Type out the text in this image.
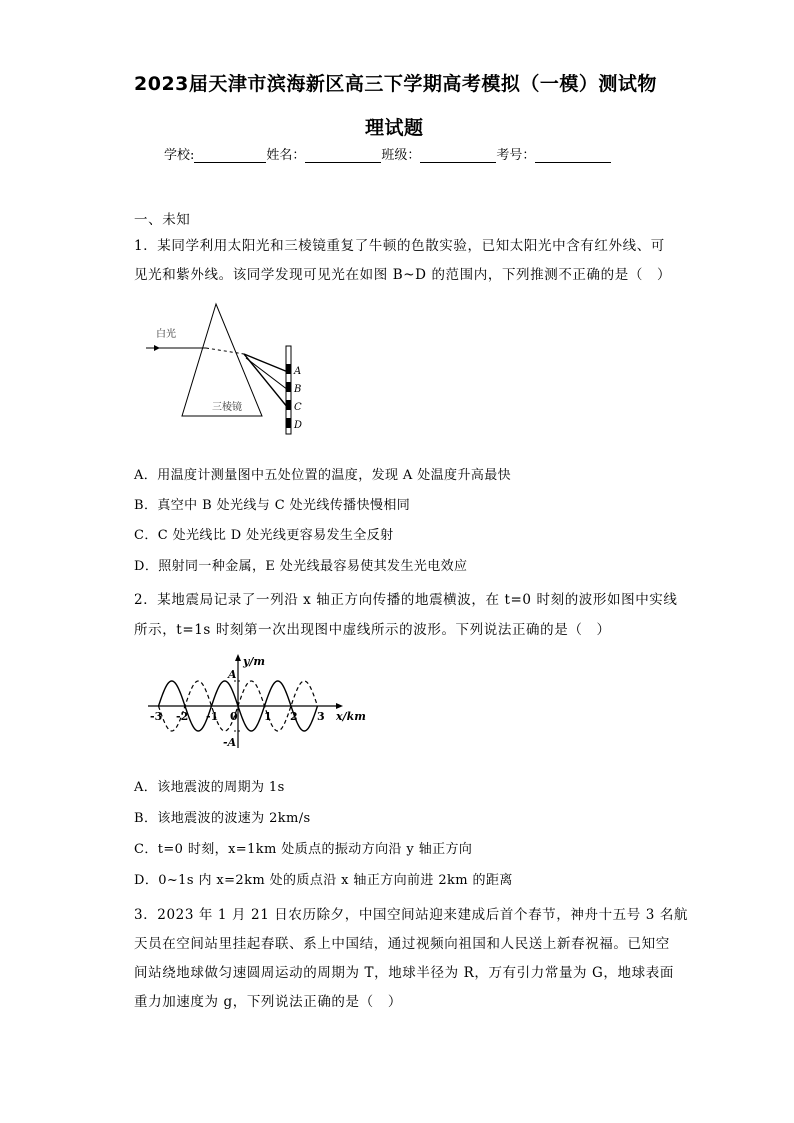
2023届天津市滨海新区高三下学期高考模拟（一模）测试物
理试题
学校:	姓名：	班级：	考号：
一、未知
1．某同学利用太阳光和三棱镜重复了牛顿的色散实验，已知太阳光中含有红外线、可
见光和紫外线。该同学发现可见光在如图 B~D 的范围内，下列推测不正确的是（　）
白光
三棱镜
A
B
C
D
A．用温度计测量图中五处位置的温度，发现 A 处温度升高最快
B．真空中 B 处光线与 C 处光线传播快慢相同
C．C 处光线比 D 处光线更容易发生全反射
D．照射同一种金属，E 处光线最容易使其发生光电效应
2．某地震局记录了一列沿 x 轴正方向传播的地震横波，在 t=0 时刻的波形如图中实线
所示，t=1s 时刻第一次出现图中虚线所示的波形。下列说法正确的是（　）
x/km
y/m
A
-A
-3 -2 -1 0 1 2 3
A．该地震波的周期为 1s
B．该地震波的波速为 2km/s
C．t=0 时刻，x=1km 处质点的振动方向沿 y 轴正方向
D．0~1s 内 x=2km 处的质点沿 x 轴正方向前进 2km 的距离
3．2023 年 1 月 21 日农历除夕，中国空间站迎来建成后首个春节，神舟十五号 3 名航
天员在空间站里挂起春联、系上中国结，通过视频向祖国和人民送上新春祝福。已知空
间站绕地球做匀速圆周运动的周期为 T，地球半径为 R，万有引力常量为 G，地球表面
重力加速度为 g，下列说法正确的是（　）
